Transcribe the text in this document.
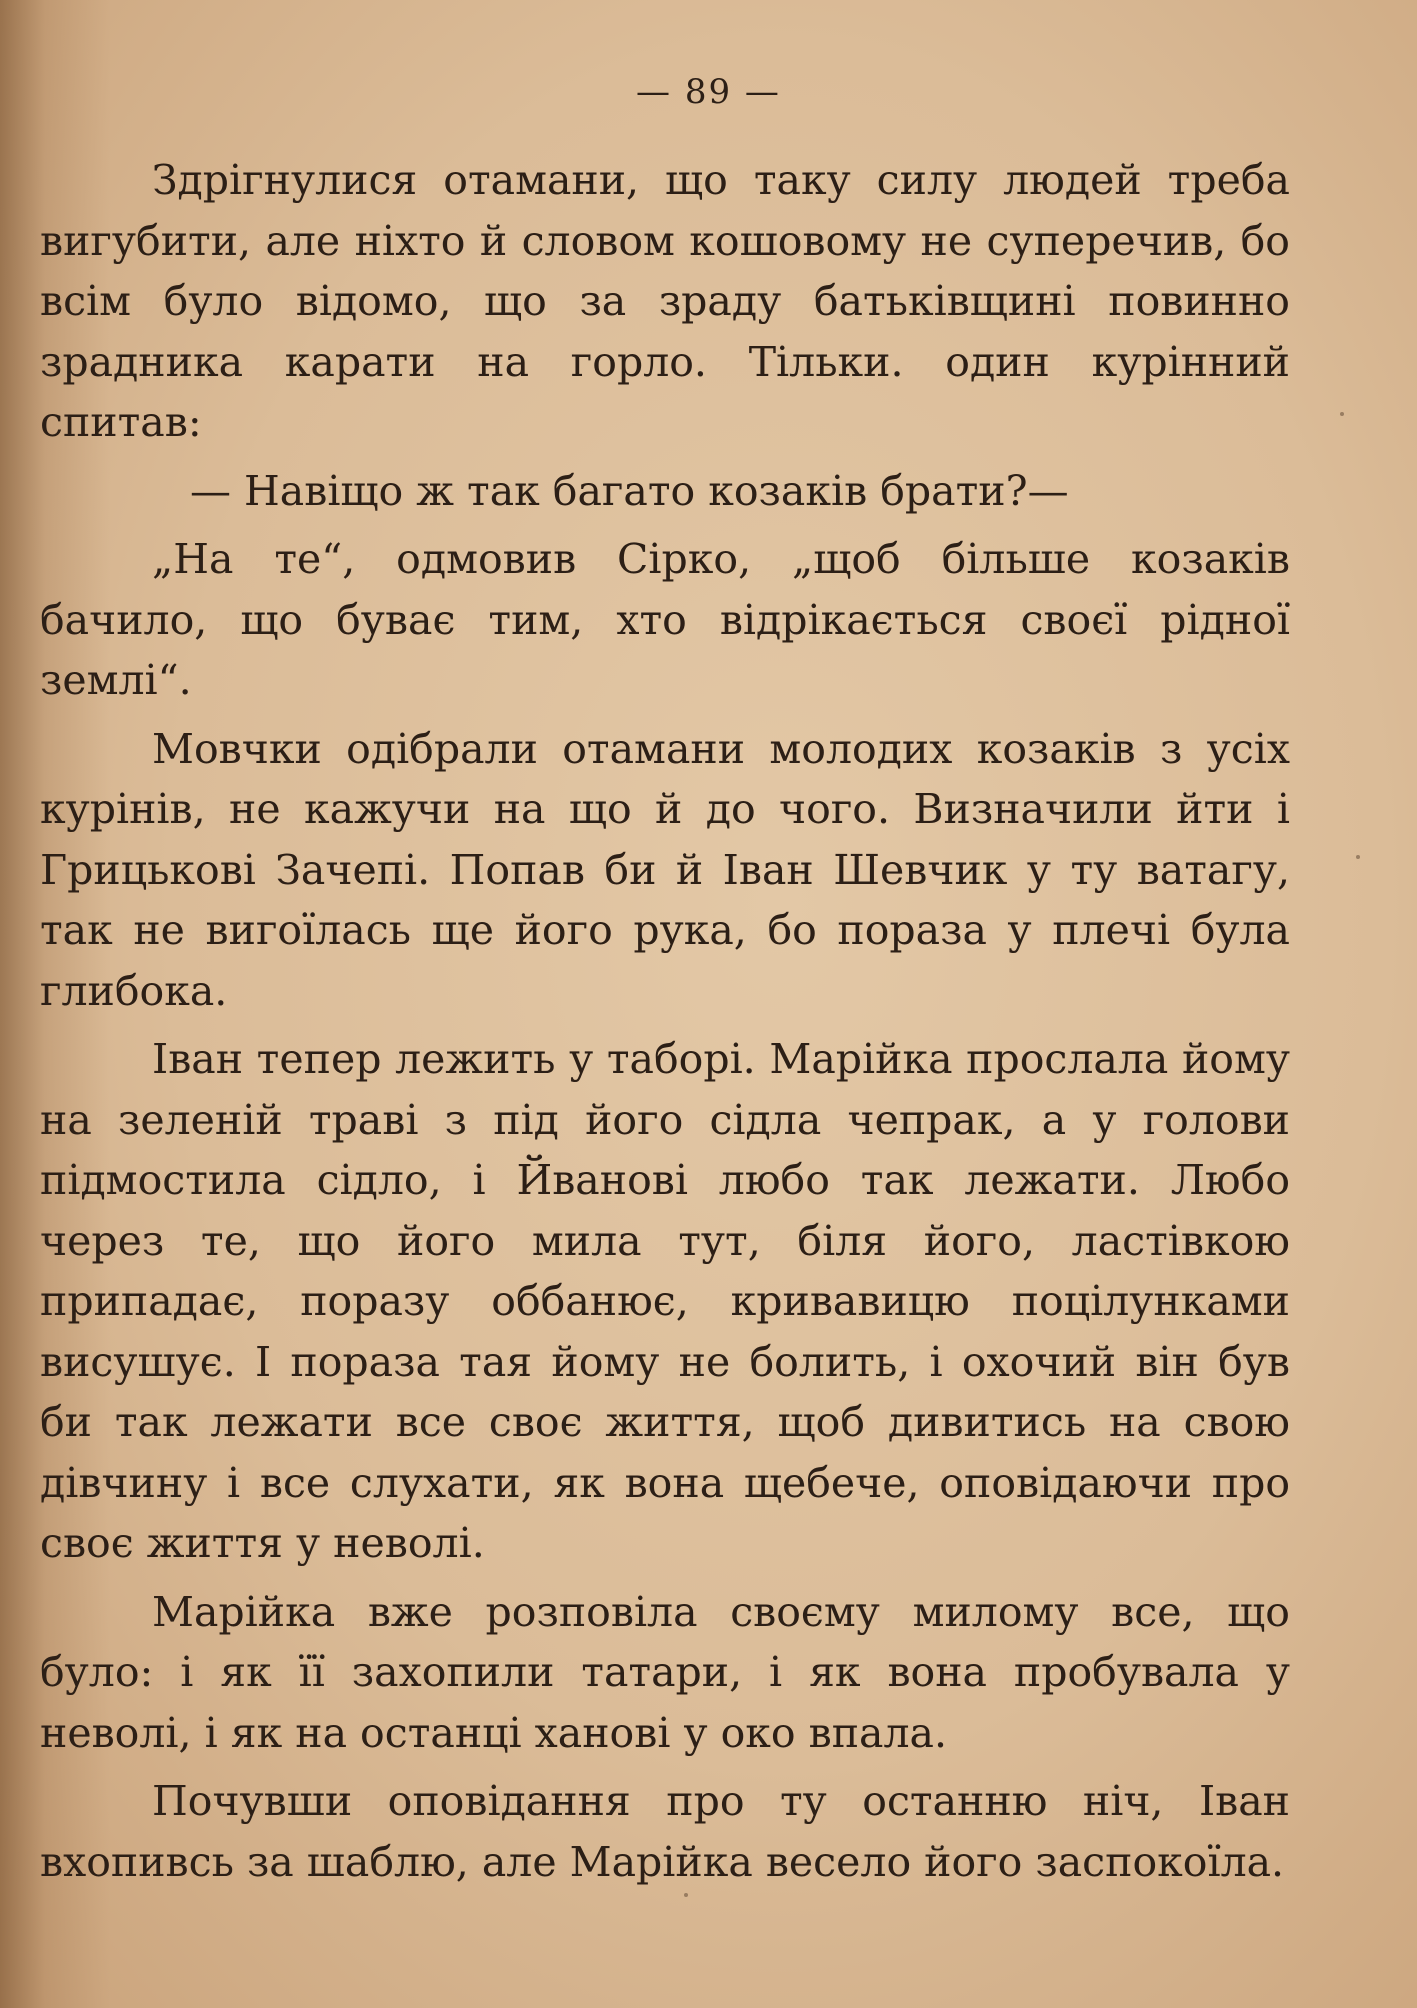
— 89 —

Здрігнулися отамани, що таку силу людей треба вигубити, але ніхто й словом кошовому не суперечив, бо всім було відомо, що за зраду батьківщині повинно зрадника карати на горло. Тільки. один курінний спитав:

— Навіщо ж так багато козаків брати?—

„На те“, одмовив Сірко, „щоб більше козаків бачило, що буває тим, хто відрікається своєї рідної землі“.

Мовчки одібрали отамани молодих козаків з усіх курінів, не кажучи на що й до чого. Визначили йти і Грицькові Зачепі. Попав би й Іван Шевчик у ту ватагу, так не вигоїлась ще його рука, бо пораза у плечі була глибока.

Іван тепер лежить у таборі. Марійка прослала йому на зеленій траві з під його сідла чепрак, а у голови підмостила сідло, і Йванові любо так лежати. Любо через те, що його мила тут, біля його, ластівкою припадає, поразу оббанює, кривавицю поцілунками висушує. І пораза тая йому не болить, і охочий він був би так лежати все своє життя, щоб дивитись на свою дівчину і все слухати, як вона щебече, оповідаючи про своє життя у неволі.

Марійка вже розповіла своєму милому все, що було: і як її захопили татари, і як вона пробувала у неволі, і як на останці ханові у око впала.

Почувши оповідання про ту останню ніч, Іван вхопивсь за шаблю, але Марійка весело його заспокоїла.
